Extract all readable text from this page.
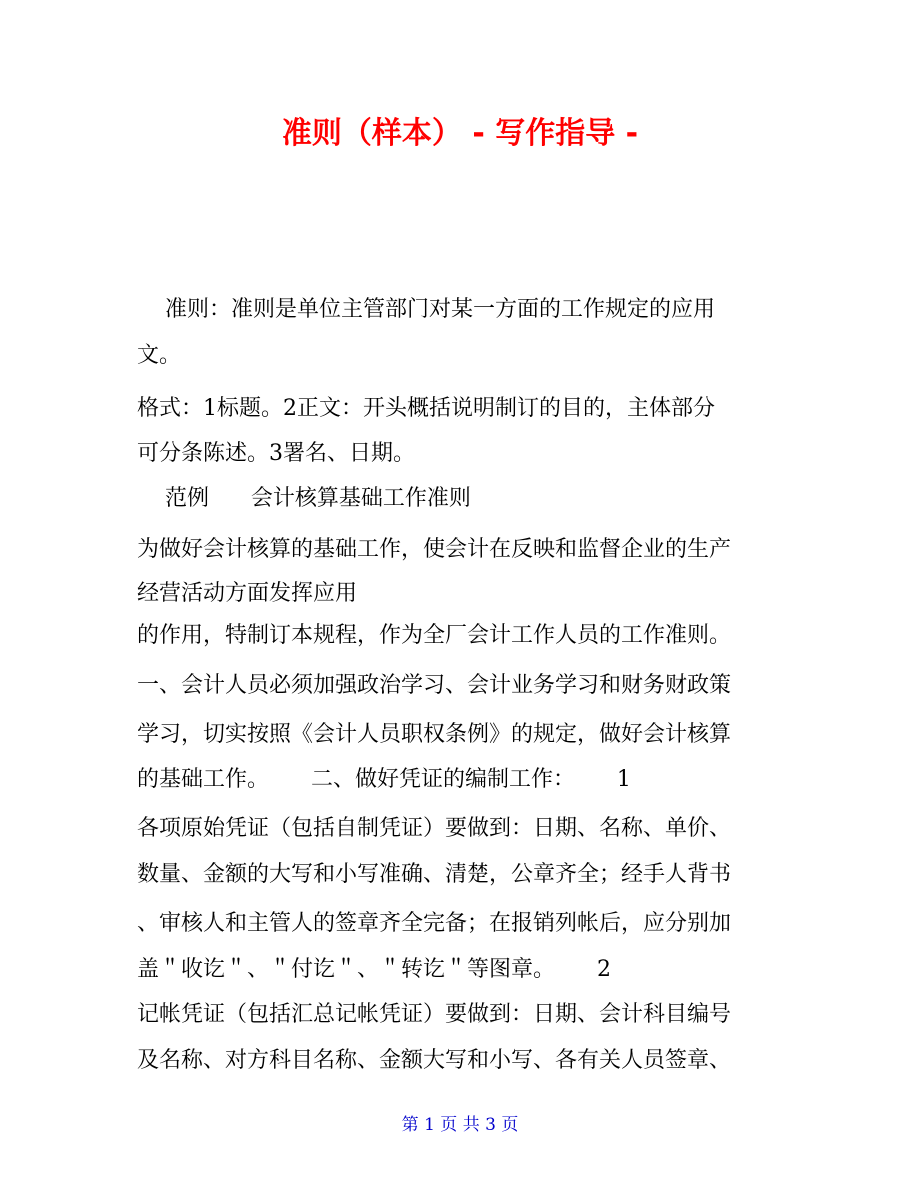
准则（样本） - 写作指导 -
准则：准则是单位主管部门对某一方面的工作规定的应用
文。
格式：1标题。2正文：开头概括说明制订的目的，主体部分
可分条陈述。3署名、日期。
范例      会计核算基础工作准则
为做好会计核算的基础工作，使会计在反映和监督企业的生产
经营活动方面发挥应用
的作用，特制订本规程，作为全厂会计工作人员的工作准则。
一、会计人员必须加强政治学习、会计业务学习和财务财政策
学习，切实按照《会计人员职权条例》的规定，做好会计核算
的基础工作。      二、做好凭证的编制工作：      1
各项原始凭证（包括自制凭证）要做到：日期、名称、单价、
数量、金额的大写和小写准确、清楚，公章齐全；经手人背书
、审核人和主管人的签章齐全完备；在报销列帐后，应分别加
盖＂收讫＂、＂付讫＂、＂转讫＂等图章。      2
记帐凭证（包括汇总记帐凭证）要做到：日期、会计科目编号
及名称、对方科目名称、金额大写和小写、各有关人员签章、
第 1 页 共 3 页
